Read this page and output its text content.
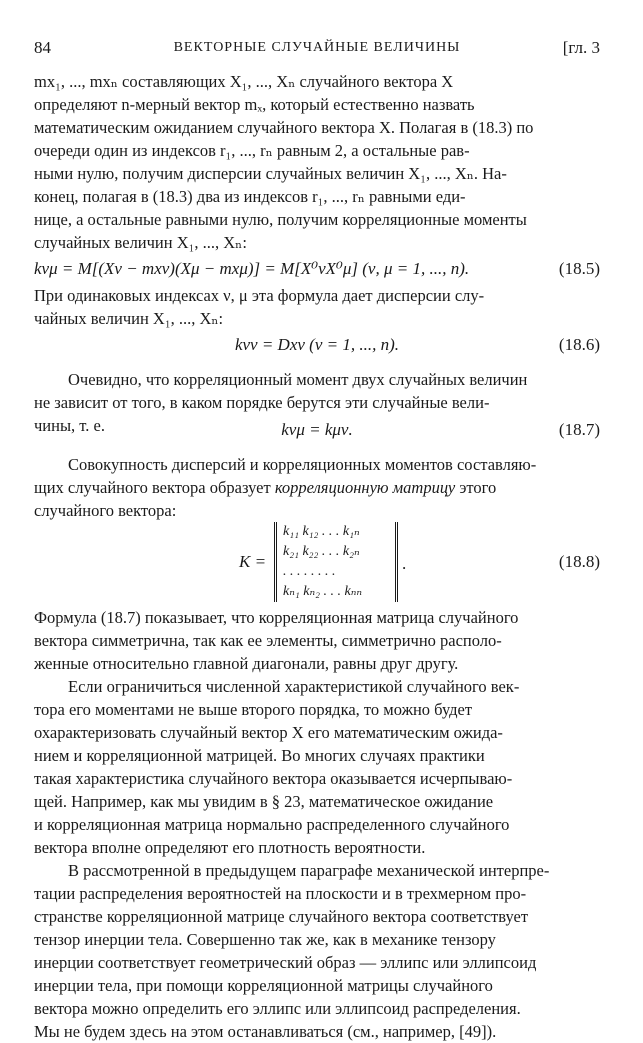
84	ВЕКТОРНЫЕ СЛУЧАЙНЫЕ ВЕЛИЧИНЫ	[гл. 3

mx₁, ..., mxₙ составляющих X₁, ..., Xₙ случайного вектора X

определяют n-мерный вектор mₓ, который естественно назвать

математическим ожиданием случайного вектора X. Полагая в (18.3) по

очереди один из индексов r₁, ..., rₙ равным 2, а остальные рав-

ными нулю, получим дисперсии случайных величин X₁, ..., Xₙ. На-

конец, полагая в (18.3) два из индексов r₁, ..., rₙ равными еди-

нице, а остальные равными нулю, получим корреляционные моменты

случайных величин X₁, ..., Xₙ:

kνμ = M[(Xν − mxν)(Xμ − mxμ)] = M[X⁰νX⁰μ] (ν, μ = 1, ..., n).	(18.5)

При одинаковых индексах ν, μ эта формула дает дисперсии слу-

чайных величин X₁, ..., Xₙ:

kνν = Dxν (ν = 1, ..., n).	(18.6)

Очевидно, что корреляционный момент двух случайных величин

не зависит от того, в каком порядке берутся эти случайные вели-

чины, т. е.	kνμ = kμν.	(18.7)

Совокупность дисперсий и корреляционных моментов составляю-

щих случайного вектора образует корреляционную матрицу этого

случайного вектора:

K =
k₁₁ k₁₂ . . . k₁ₙ
k₂₁ k₂₂ . . . k₂ₙ
. . . . . . . .
kₙ₁ kₙ₂ . . . kₙₙ
.	(18.8)

Формула (18.7) показывает, что корреляционная матрица случайного

вектора симметрична, так как ее элементы, симметрично располо-

женные относительно главной диагонали, равны друг другу.

Если ограничиться численной характеристикой случайного век-

тора его моментами не выше второго порядка, то можно будет

охарактеризовать случайный вектор X его математическим ожида-

нием и корреляционной матрицей. Во многих случаях практики

такая характеристика случайного вектора оказывается исчерпываю-

щей. Например, как мы увидим в § 23, математическое ожидание

и корреляционная матрица нормально распределенного случайного

вектора вполне определяют его плотность вероятности.

В рассмотренной в предыдущем параграфе механической интерпре-

тации распределения вероятностей на плоскости и в трехмерном про-

странстве корреляционной матрице случайного вектора соответствует

тензор инерции тела. Совершенно так же, как в механике тензору

инерции соответствует геометрический образ — эллипс или эллипсоид

инерции тела, при помощи корреляционной матрицы случайного

вектора можно определить его эллипс или эллипсоид распределения.

Мы не будем здесь на этом останавливаться (см., например, [49]).
